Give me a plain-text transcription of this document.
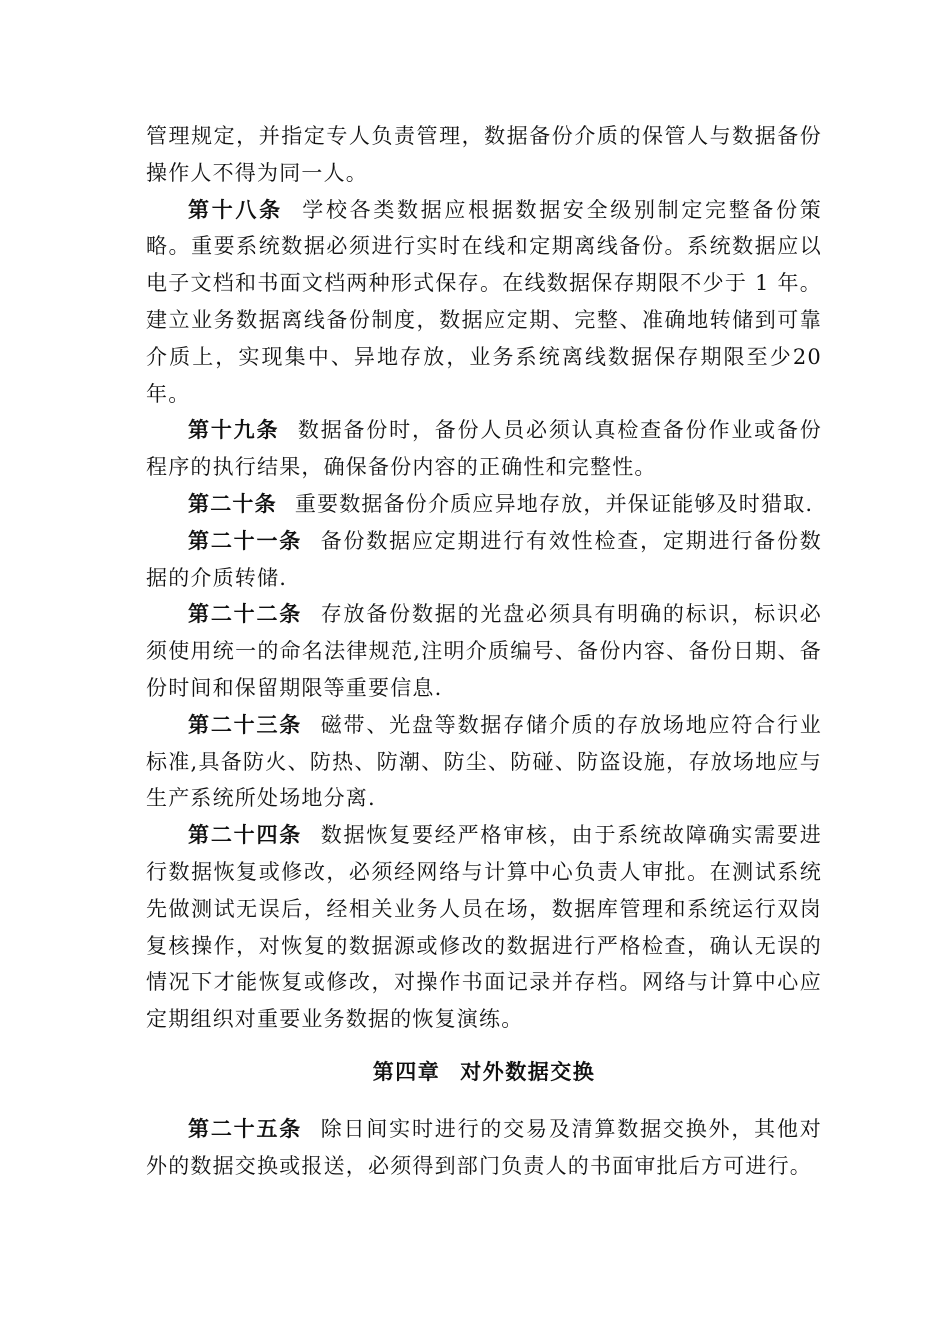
管理规定，并指定专人负责管理，数据备份介质的保管人与数据备份操作人不得为同一人。

第十八条 学校各类数据应根据数据安全级别制定完整备份策略。重要系统数据必须进行实时在线和定期离线备份。系统数据应以电子文档和书面文档两种形式保存。在线数据保存期限不少于 1 年。建立业务数据离线备份制度，数据应定期、完整、准确地转储到可靠介质上，实现集中、异地存放，业务系统离线数据保存期限至少20 年。

第十九条 数据备份时，备份人员必须认真检查备份作业或备份程序的执行结果，确保备份内容的正确性和完整性。

第二十条 重要数据备份介质应异地存放，并保证能够及时猎取.

第二十一条 备份数据应定期进行有效性检查，定期进行备份数据的介质转储.

第二十二条 存放备份数据的光盘必须具有明确的标识，标识必须使用统一的命名法律规范,注明介质编号、备份内容、备份日期、备份时间和保留期限等重要信息.

第二十三条 磁带、光盘等数据存储介质的存放场地应符合行业标准,具备防火、防热、防潮、防尘、防碰、防盗设施，存放场地应与生产系统所处场地分离.

第二十四条 数据恢复要经严格审核，由于系统故障确实需要进行数据恢复或修改，必须经网络与计算中心负责人审批。在测试系统先做测试无误后，经相关业务人员在场，数据库管理和系统运行双岗复核操作，对恢复的数据源或修改的数据进行严格检查，确认无误的情况下才能恢复或修改，对操作书面记录并存档。网络与计算中心应定期组织对重要业务数据的恢复演练。

第四章 对外数据交换

第二十五条 除日间实时进行的交易及清算数据交换外，其他对外的数据交换或报送，必须得到部门负责人的书面审批后方可进行。
